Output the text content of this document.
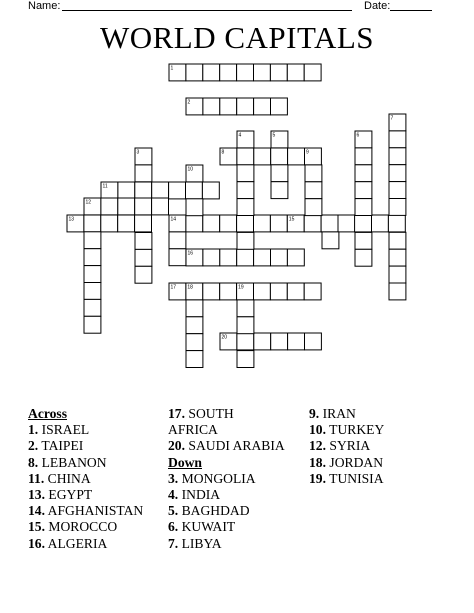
Name:	Date:
WORLD CAPITALS
1
2
8	9
11
12
13	14	15
16
17 18	19
20
4	5	6
7
3
10
Across
1. ISRAEL
2. TAIPEI
8. LEBANON
11. CHINA
13. EGYPT
14. AFGHANISTAN
15. MOROCCO
16. ALGERIA
17. SOUTH
AFRICA
20. SAUDI ARABIA
Down
3. MONGOLIA
4. INDIA
5. BAGHDAD
6. KUWAIT
7. LIBYA
9. IRAN
10. TURKEY
12. SYRIA
18. JORDAN
19. TUNISIA
